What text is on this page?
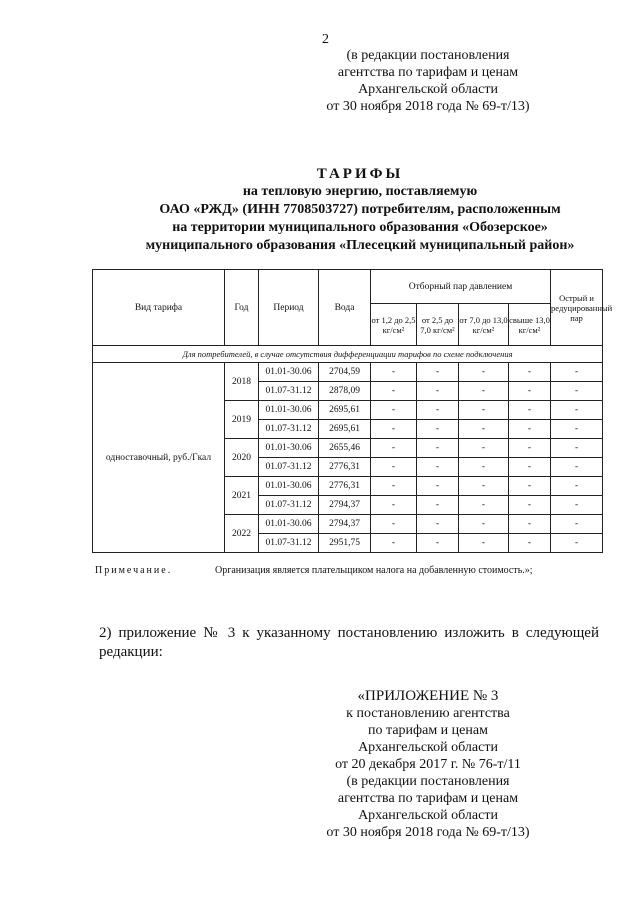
2
(в редакции постановления
агентства по тарифам и ценам
Архангельской области
от 30 ноября 2018 года № 69-т/13)
ТАРИФЫ
на тепловую энергию, поставляемую
ОАО «РЖД» (ИНН 7708503727) потребителям, расположенным
на территории муниципального образования «Обозерское»
муниципального образования «Плесецкий муниципальный район»
Вид тарифа	Год	Период	Вода	Отборный пар давлением				Острый и редуцированный пар
				от 1,2 до 2,5 кг/см²	от 2,5 до 7,0 кг/см²	от 7,0 до 13,0 кг/см²	свыше 13,0 кг/см²	
Для потребителей, в случае отсутствия дифференциации тарифов по схеме подключения								
одноставочный, руб./Гкал	2018	01.01-30.06	2704,59	-	-	-	-	-
		01.07-31.12	2878,09	-	-	-	-	-
	2019	01.01-30.06	2695,61	-	-	-	-	-
		01.07-31.12	2695,61	-	-	-	-	-
	2020	01.01-30.06	2655,46	-	-	-	-	-
		01.07-31.12	2776,31	-	-	-	-	-
	2021	01.01-30.06	2776,31	-	-	-	-	-
		01.07-31.12	2794,37	-	-	-	-	-
	2022	01.01-30.06	2794,37	-	-	-	-	-
		01.07-31.12	2951,75	-	-	-	-	-
Примечание.	Организация является плательщиком налога на добавленную стоимость.»;
2) приложение № 3 к указанному постановлению изложить в следующей редакции:
«ПРИЛОЖЕНИЕ № 3
к постановлению агентства
по тарифам и ценам
Архангельской области
от 20 декабря 2017 г. № 76-т/11
(в редакции постановления
агентства по тарифам и ценам
Архангельской области
от 30 ноября 2018 года № 69-т/13)
